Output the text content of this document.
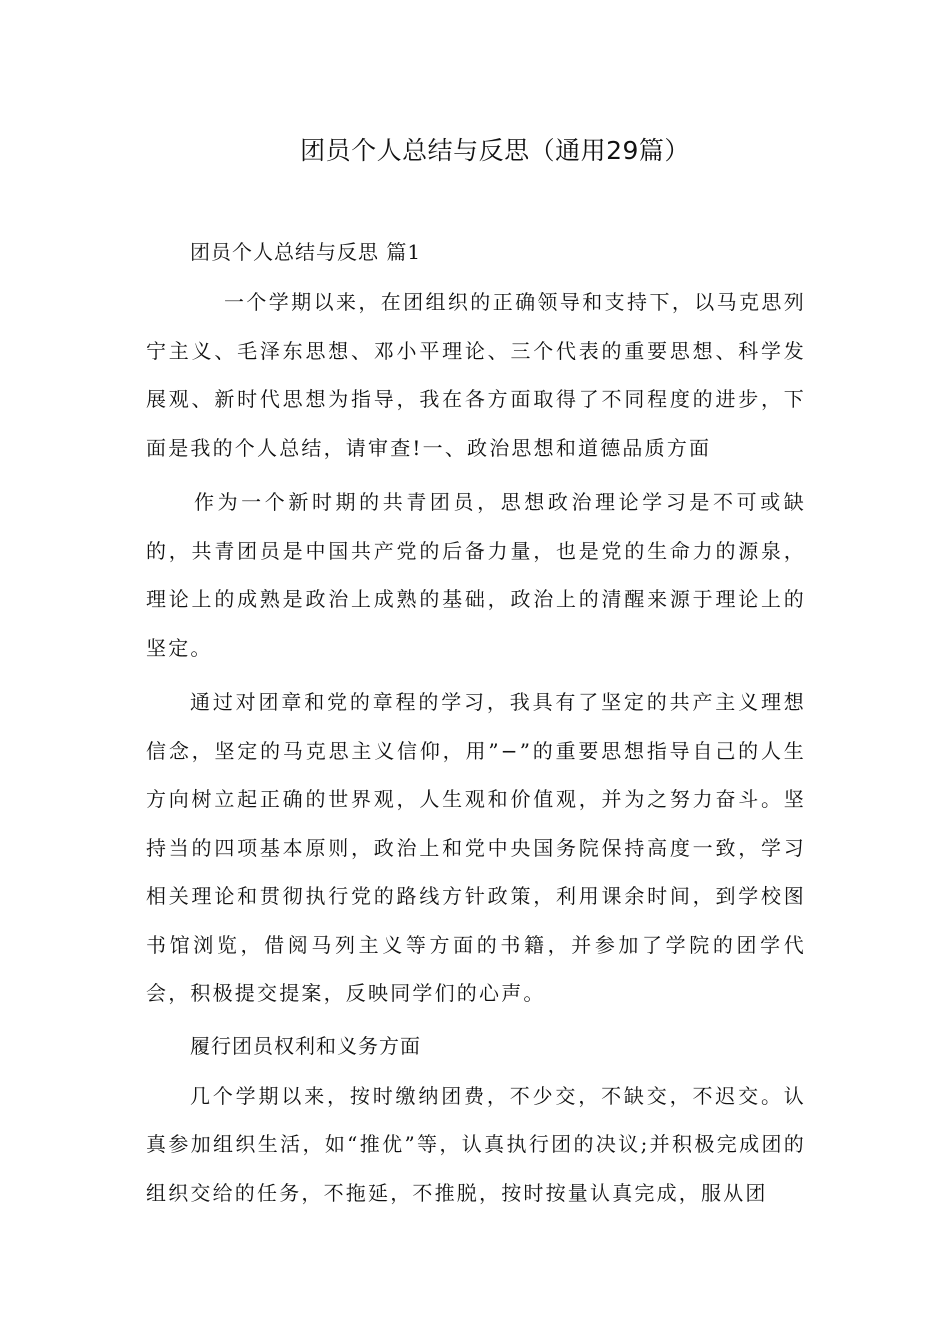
团员个人总结与反思（通用29篇）

团员个人总结与反思 篇1

一个学期以来，在团组织的正确领导和支持下，以马克思列宁主义、毛泽东思想、邓小平理论、三个代表的重要思想、科学发展观、新时代思想为指导，我在各方面取得了不同程度的进步，下面是我的个人总结，请审查!一、政治思想和道德品质方面

作为一个新时期的共青团员，思想政治理论学习是不可或缺的，共青团员是中国共产党的后备力量，也是党的生命力的源泉，理论上的成熟是政治上成熟的基础，政治上的清醒来源于理论上的坚定。

通过对团章和党的章程的学习，我具有了坚定的共产主义理想信念，坚定的马克思主义信仰，用”−”的重要思想指导自己的人生方向树立起正确的世界观，人生观和价值观，并为之努力奋斗。坚持当的四项基本原则，政治上和党中央国务院保持高度一致，学习相关理论和贯彻执行党的路线方针政策，利用课余时间，到学校图书馆浏览，借阅马列主义等方面的书籍，并参加了学院的团学代会，积极提交提案，反映同学们的心声。

履行团员权利和义务方面

几个学期以来，按时缴纳团费，不少交，不缺交，不迟交。认真参加组织生活，如“推优”等，认真执行团的决议;并积极完成团的组织交给的任务，不拖延，不推脱，按时按量认真完成，服从团
